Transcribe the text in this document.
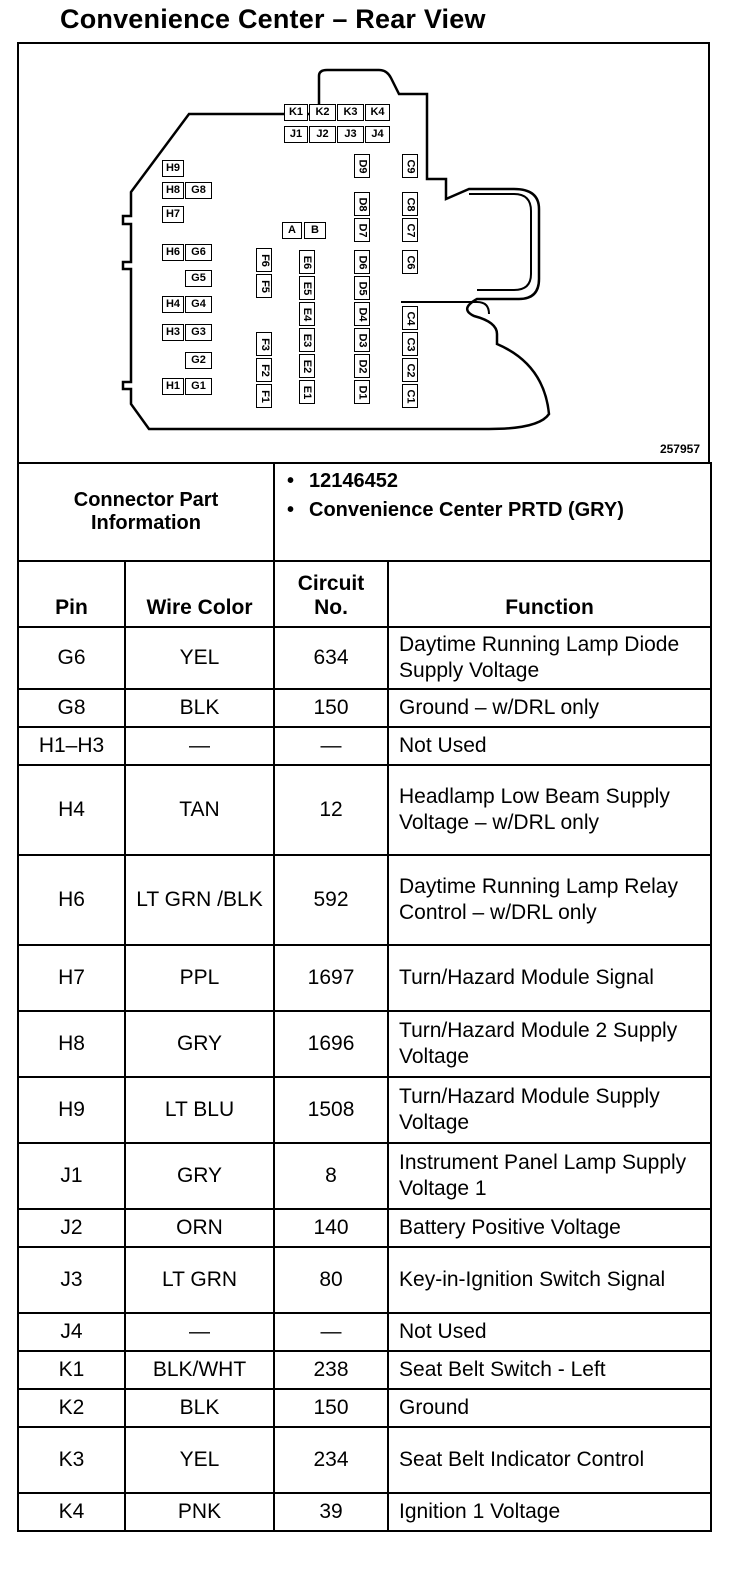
Convenience Center – Rear View
K1 K2 K3 K4
J1 J2 J3 J4
H9
H8 G8
H7
H6 G6
G5
H4 G4
H3 G3
G2
H1 G1
A B
F6
F5
F3
F2
F1
E6
E5
E4
E3
E2
E1
D9
D8
D7
D6
D5
D4
D3
D2
D1
C9
C8
C7
C6
C4
C3
C2
C1
257957
Connector Part Information		• 12146452
• Convenience Center PRTD (GRY)

Pin	Wire Color	Circuit No.	Function
G6	YEL	634	Daytime Running Lamp Diode Supply Voltage
G8	BLK	150	Ground – w/DRL only
H1–H3	—	—	Not Used
H4	TAN	12	Headlamp Low Beam Supply Voltage – w/DRL only
H6	LT GRN /BLK	592	Daytime Running Lamp Relay Control – w/DRL only
H7	PPL	1697	Turn/Hazard Module Signal
H8	GRY	1696	Turn/Hazard Module 2 Supply Voltage
H9	LT BLU	1508	Turn/Hazard Module Supply Voltage
J1	GRY	8	Instrument Panel Lamp Supply Voltage 1
J2	ORN	140	Battery Positive Voltage
J3	LT GRN	80	Key-in-Ignition Switch Signal
J4	—	—	Not Used
K1	BLK/WHT	238	Seat Belt Switch - Left
K2	BLK	150	Ground
K3	YEL	234	Seat Belt Indicator Control
K4	PNK	39	Ignition 1 Voltage
